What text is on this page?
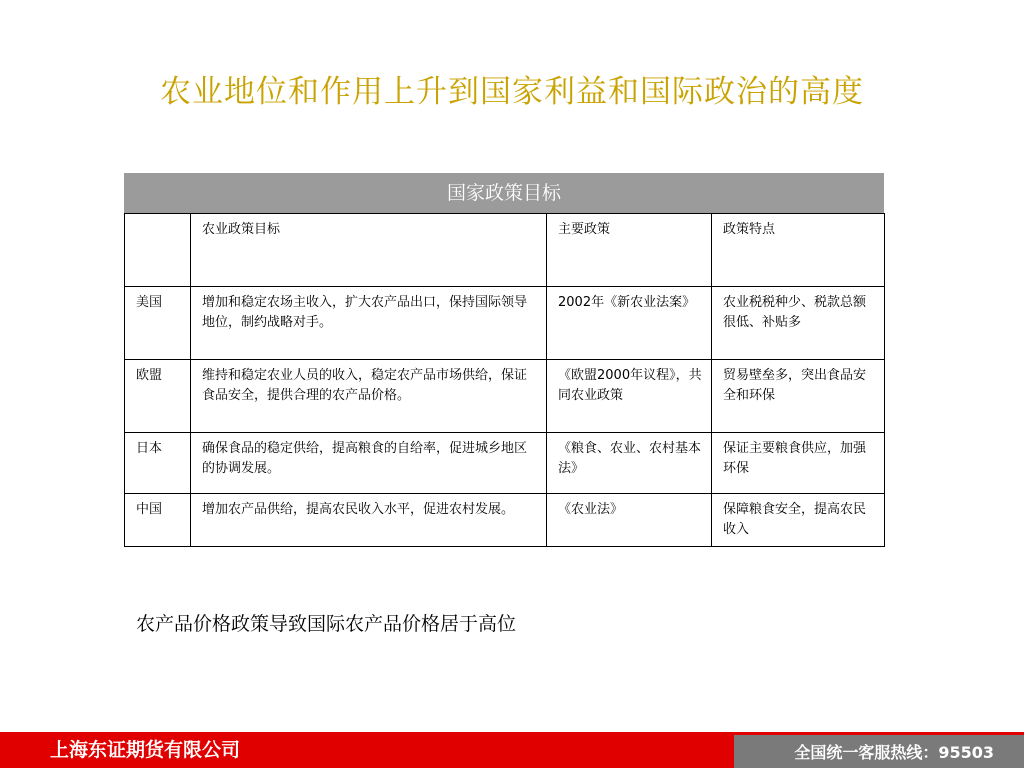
农业地位和作用上升到国家利益和国际政治的高度
国家政策目标
	农业政策目标	主要政策	政策特点
美国	增加和稳定农场主收入，扩大农产品出口，保持国际领导地位，制约战略对手。	2002年《新农业法案》	农业税税种少、税款总额很低、补贴多
欧盟	维持和稳定农业人员的收入，稳定农产品市场供给，保证食品安全，提供合理的农产品价格。	《欧盟2000年议程》，共同农业政策	贸易壁垒多，突出食品安全和环保
日本	确保食品的稳定供给，提高粮食的自给率，促进城乡地区的协调发展。	《粮食、农业、农村基本法》	保证主要粮食供应，加强环保
中国	增加农产品供给，提高农民收入水平，促进农村发展。	《农业法》	保障粮食安全，提高农民收入
农产品价格政策导致国际农产品价格居于高位
上海东证期货有限公司	全国统一客服热线：95503
